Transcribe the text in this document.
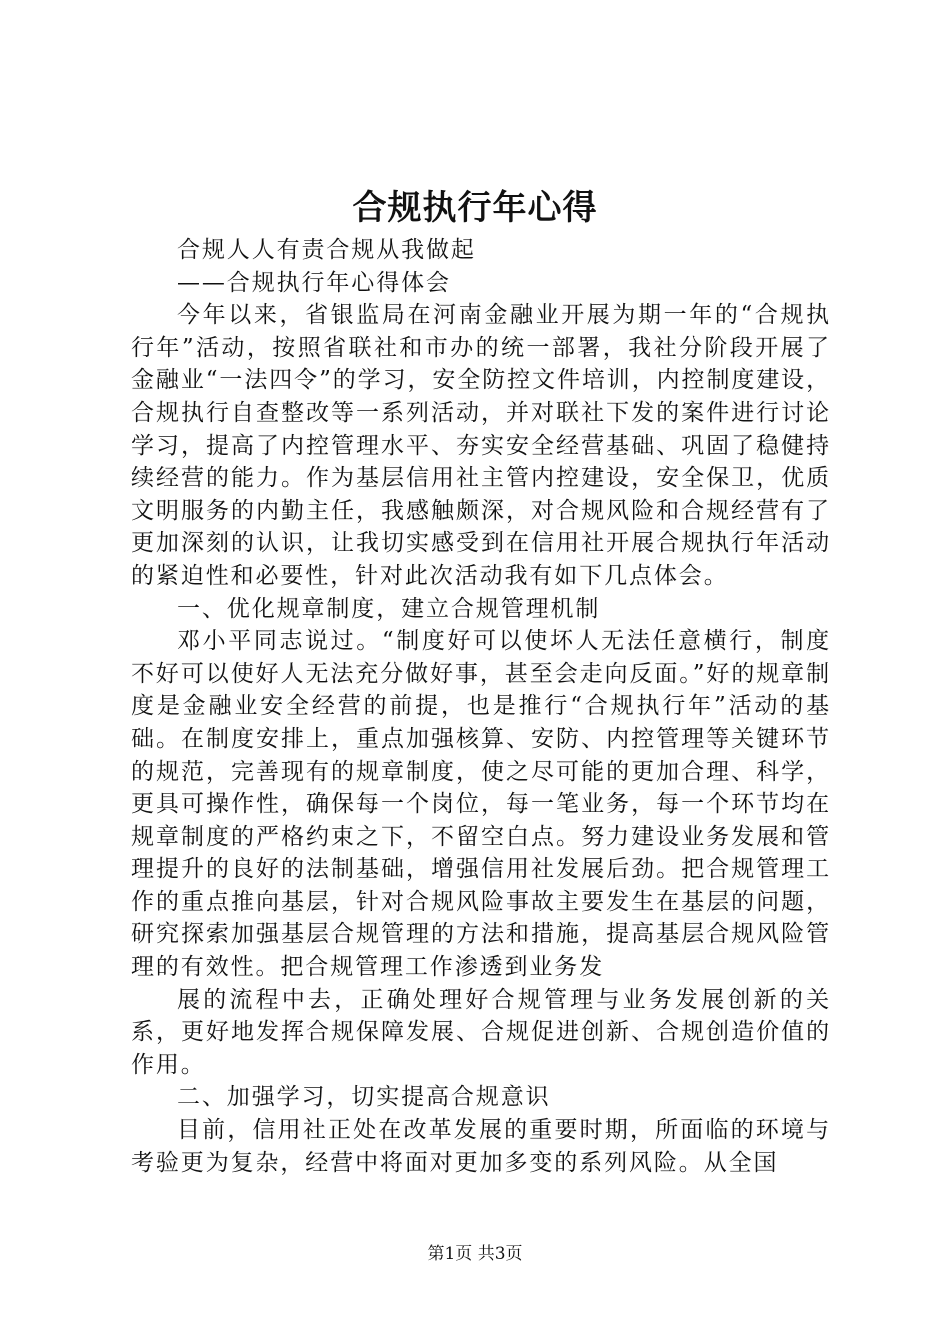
合规执行年心得

合规人人有责合规从我做起

——合规执行年心得体会

今年以来，省银监局在河南金融业开展为期一年的“合规执行年”活动，按照省联社和市办的统一部署，我社分阶段开展了金融业“一法四令”的学习，安全防控文件培训，内控制度建设，合规执行自查整改等一系列活动，并对联社下发的案件进行讨论学习，提高了内控管理水平、夯实安全经营基础、巩固了稳健持续经营的能力。作为基层信用社主管内控建设，安全保卫，优质文明服务的内勤主任，我感触颇深，对合规风险和合规经营有了更加深刻的认识，让我切实感受到在信用社开展合规执行年活动的紧迫性和必要性，针对此次活动我有如下几点体会。

一、优化规章制度，建立合规管理机制

邓小平同志说过。“制度好可以使坏人无法任意横行，制度不好可以使好人无法充分做好事，甚至会走向反面。”好的规章制度是金融业安全经营的前提，也是推行“合规执行年”活动的基础。在制度安排上，重点加强核算、安防、内控管理等关键环节的规范，完善现有的规章制度，使之尽可能的更加合理、科学，更具可操作性，确保每一个岗位，每一笔业务，每一个环节均在规章制度的严格约束之下，不留空白点。努力建设业务发展和管理提升的良好的法制基础，增强信用社发展后劲。把合规管理工作的重点推向基层，针对合规风险事故主要发生在基层的问题，研究探索加强基层合规管理的方法和措施，提高基层合规风险管理的有效性。把合规管理工作渗透到业务发

展的流程中去，正确处理好合规管理与业务发展创新的关系，更好地发挥合规保障发展、合规促进创新、合规创造价值的作用。

二、加强学习，切实提高合规意识

目前，信用社正处在改革发展的重要时期，所面临的环境与考验更为复杂，经营中将面对更加多变的系列风险。从全国

第1页 共3页
